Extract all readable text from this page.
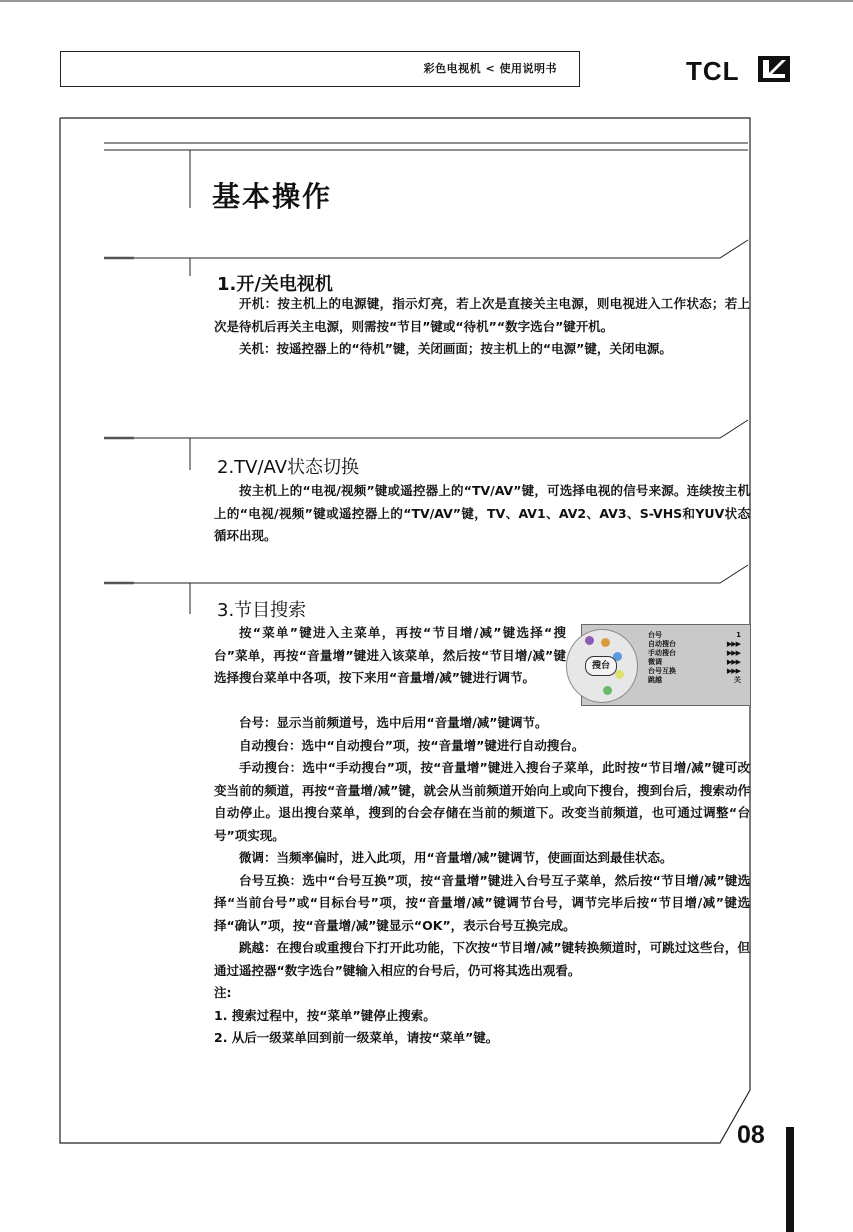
彩色电视机 < 使用说明书	TCL
基本操作
1.开/关电视机

开机：按主机上的电源键，指示灯亮，若上次是直接关主电源，则电视进入工作状态；若上次是待机后再关主电源，则需按“节目”键或“待机”“数字选台”键开机。

关机：按遥控器上的“待机”键，关闭画面；按主机上的“电源”键，关闭电源。

2.TV/AV状态切换

按主机上的“电视/视频”键或遥控器上的“TV/AV”键，可选择电视的信号来源。连续按主机上的“电视/视频”键或遥控器上的“TV/AV”键，TV、AV1、AV2、AV3、S-VHS和YUV状态循环出现。

3.节目搜索

按“菜单”键进入主菜单，再按“节目增/减”键选择“搜台”菜单，再按“音量增”键进入该菜单，然后按“节目增/减”键选择搜台菜单中各项，按下来用“音量增/减”键进行调节。

搜台
台号	1
自动搜台	▶▶▶
手动搜台	▶▶▶
微调	▶▶▶
台号互换	▶▶▶
跳越	关

台号：显示当前频道号，选中后用“音量增/减”键调节。

自动搜台：选中“自动搜台”项，按“音量增”键进行自动搜台。

手动搜台：选中“手动搜台”项，按“音量增”键进入搜台子菜单，此时按“节目增/减”键可改变当前的频道，再按“音量增/减”键，就会从当前频道开始向上或向下搜台，搜到台后，搜索动作自动停止。退出搜台菜单，搜到的台会存储在当前的频道下。改变当前频道，也可通过调整“台号”项实现。

微调：当频率偏时，进入此项，用“音量增/减”键调节，使画面达到最佳状态。

台号互换：选中“台号互换”项，按“音量增”键进入台号互子菜单，然后按“节目增/减”键选择“当前台号”或“目标台号”项，按“音量增/减”键调节台号，调节完毕后按“节目增/减”键选择“确认”项，按“音量增/减”键显示“OK”，表示台号互换完成。

跳越：在搜台或重搜台下打开此功能，下次按“节目增/减”键转换频道时，可跳过这些台，但通过遥控器“数字选台”键输入相应的台号后，仍可将其选出观看。

注:

1. 搜索过程中，按“菜单”键停止搜索。

2. 从后一级菜单回到前一级菜单，请按“菜单”键。

08
